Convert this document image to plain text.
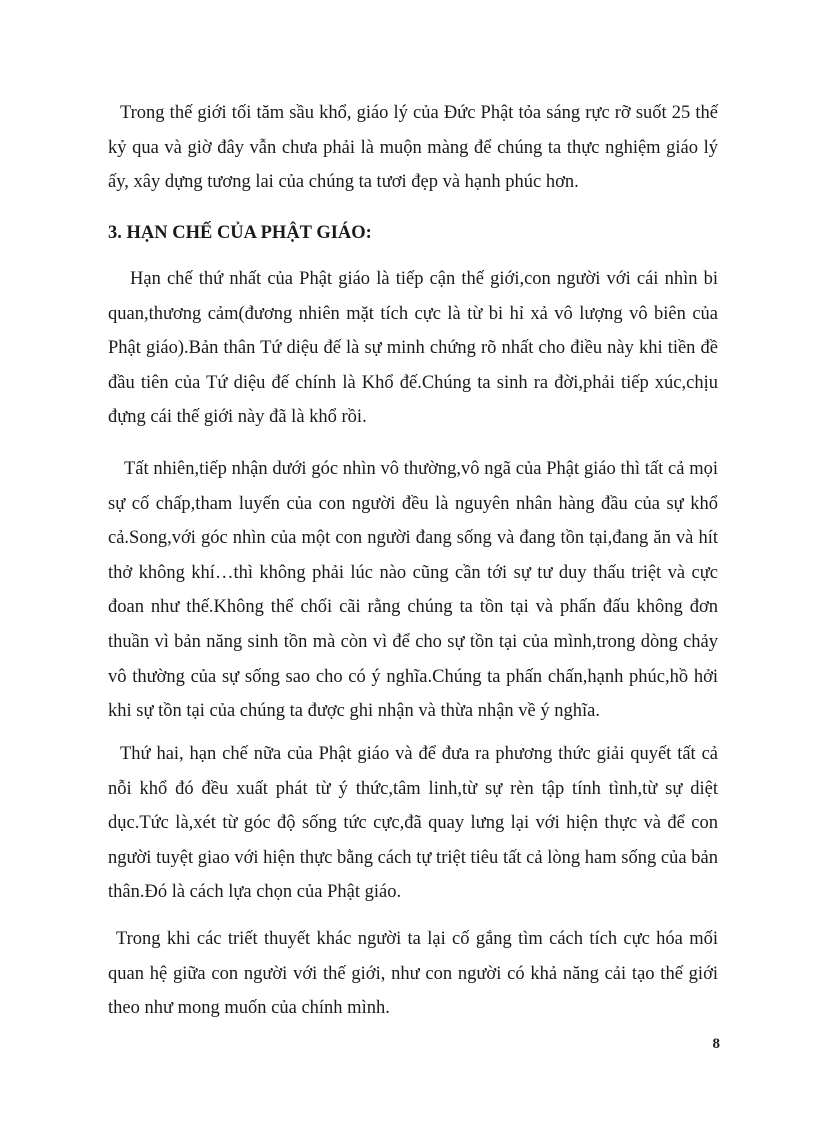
Trong thế giới tối tăm sầu khổ, giáo lý của Đức Phật tỏa sáng rực rỡ suốt 25 thế kỷ qua và giờ đây vẫn chưa phải là muộn màng để chúng ta thực nghiệm giáo lý ấy, xây dựng tương lai của chúng ta tươi đẹp và hạnh phúc hơn.

3. HẠN CHẾ CỦA PHẬT GIÁO:

Hạn chế thứ nhất của Phật giáo là tiếp cận thế giới,con người với cái nhìn bi quan,thương cảm(đương nhiên mặt tích cực là từ bi hỉ xả vô lượng vô biên của Phật giáo).Bản thân Tứ diệu đế là sự minh chứng rõ nhất cho điều này khi tiền đề đầu tiên của Tứ diệu đế chính là Khổ đế.Chúng ta sinh ra đời,phải tiếp xúc,chịu đựng cái thế giới này đã là khổ rồi.

Tất nhiên,tiếp nhận dưới góc nhìn vô thường,vô ngã của Phật giáo thì tất cả mọi sự cố chấp,tham luyến của con người đều là nguyên nhân hàng đầu của sự khổ cả.Song,với góc nhìn của một con người đang sống và đang tồn tại,đang ăn và hít thở không khí…thì không phải lúc nào cũng cần tới sự tư duy thấu triệt và cực đoan như thế.Không thể chối cãi rằng chúng ta tồn tại và phấn đấu không đơn thuần vì bản năng sinh tồn mà còn vì để cho sự tồn tại của mình,trong dòng chảy vô thường của sự sống sao cho có ý nghĩa.Chúng ta phấn chấn,hạnh phúc,hồ hởi khi sự tồn tại của chúng ta được ghi nhận và thừa nhận về ý nghĩa.

Thứ hai, hạn chế nữa của Phật giáo và để đưa ra phương thức giải quyết tất cả nỗi khổ đó đều xuất phát từ ý thức,tâm linh,từ sự rèn tập tính tình,từ sự diệt dục.Tức là,xét từ góc độ sống tức cực,đã quay lưng lại với hiện thực và để con người tuyệt giao với hiện thực bằng cách tự triệt tiêu tất cả lòng ham sống của bản thân.Đó là cách lựa chọn của Phật giáo.

Trong khi các triết thuyết khác người ta lại cố gắng tìm cách tích cực hóa mối quan hệ giữa con người với thế giới, như con người có khả năng cải tạo thế giới theo như mong muốn của chính mình.

8
